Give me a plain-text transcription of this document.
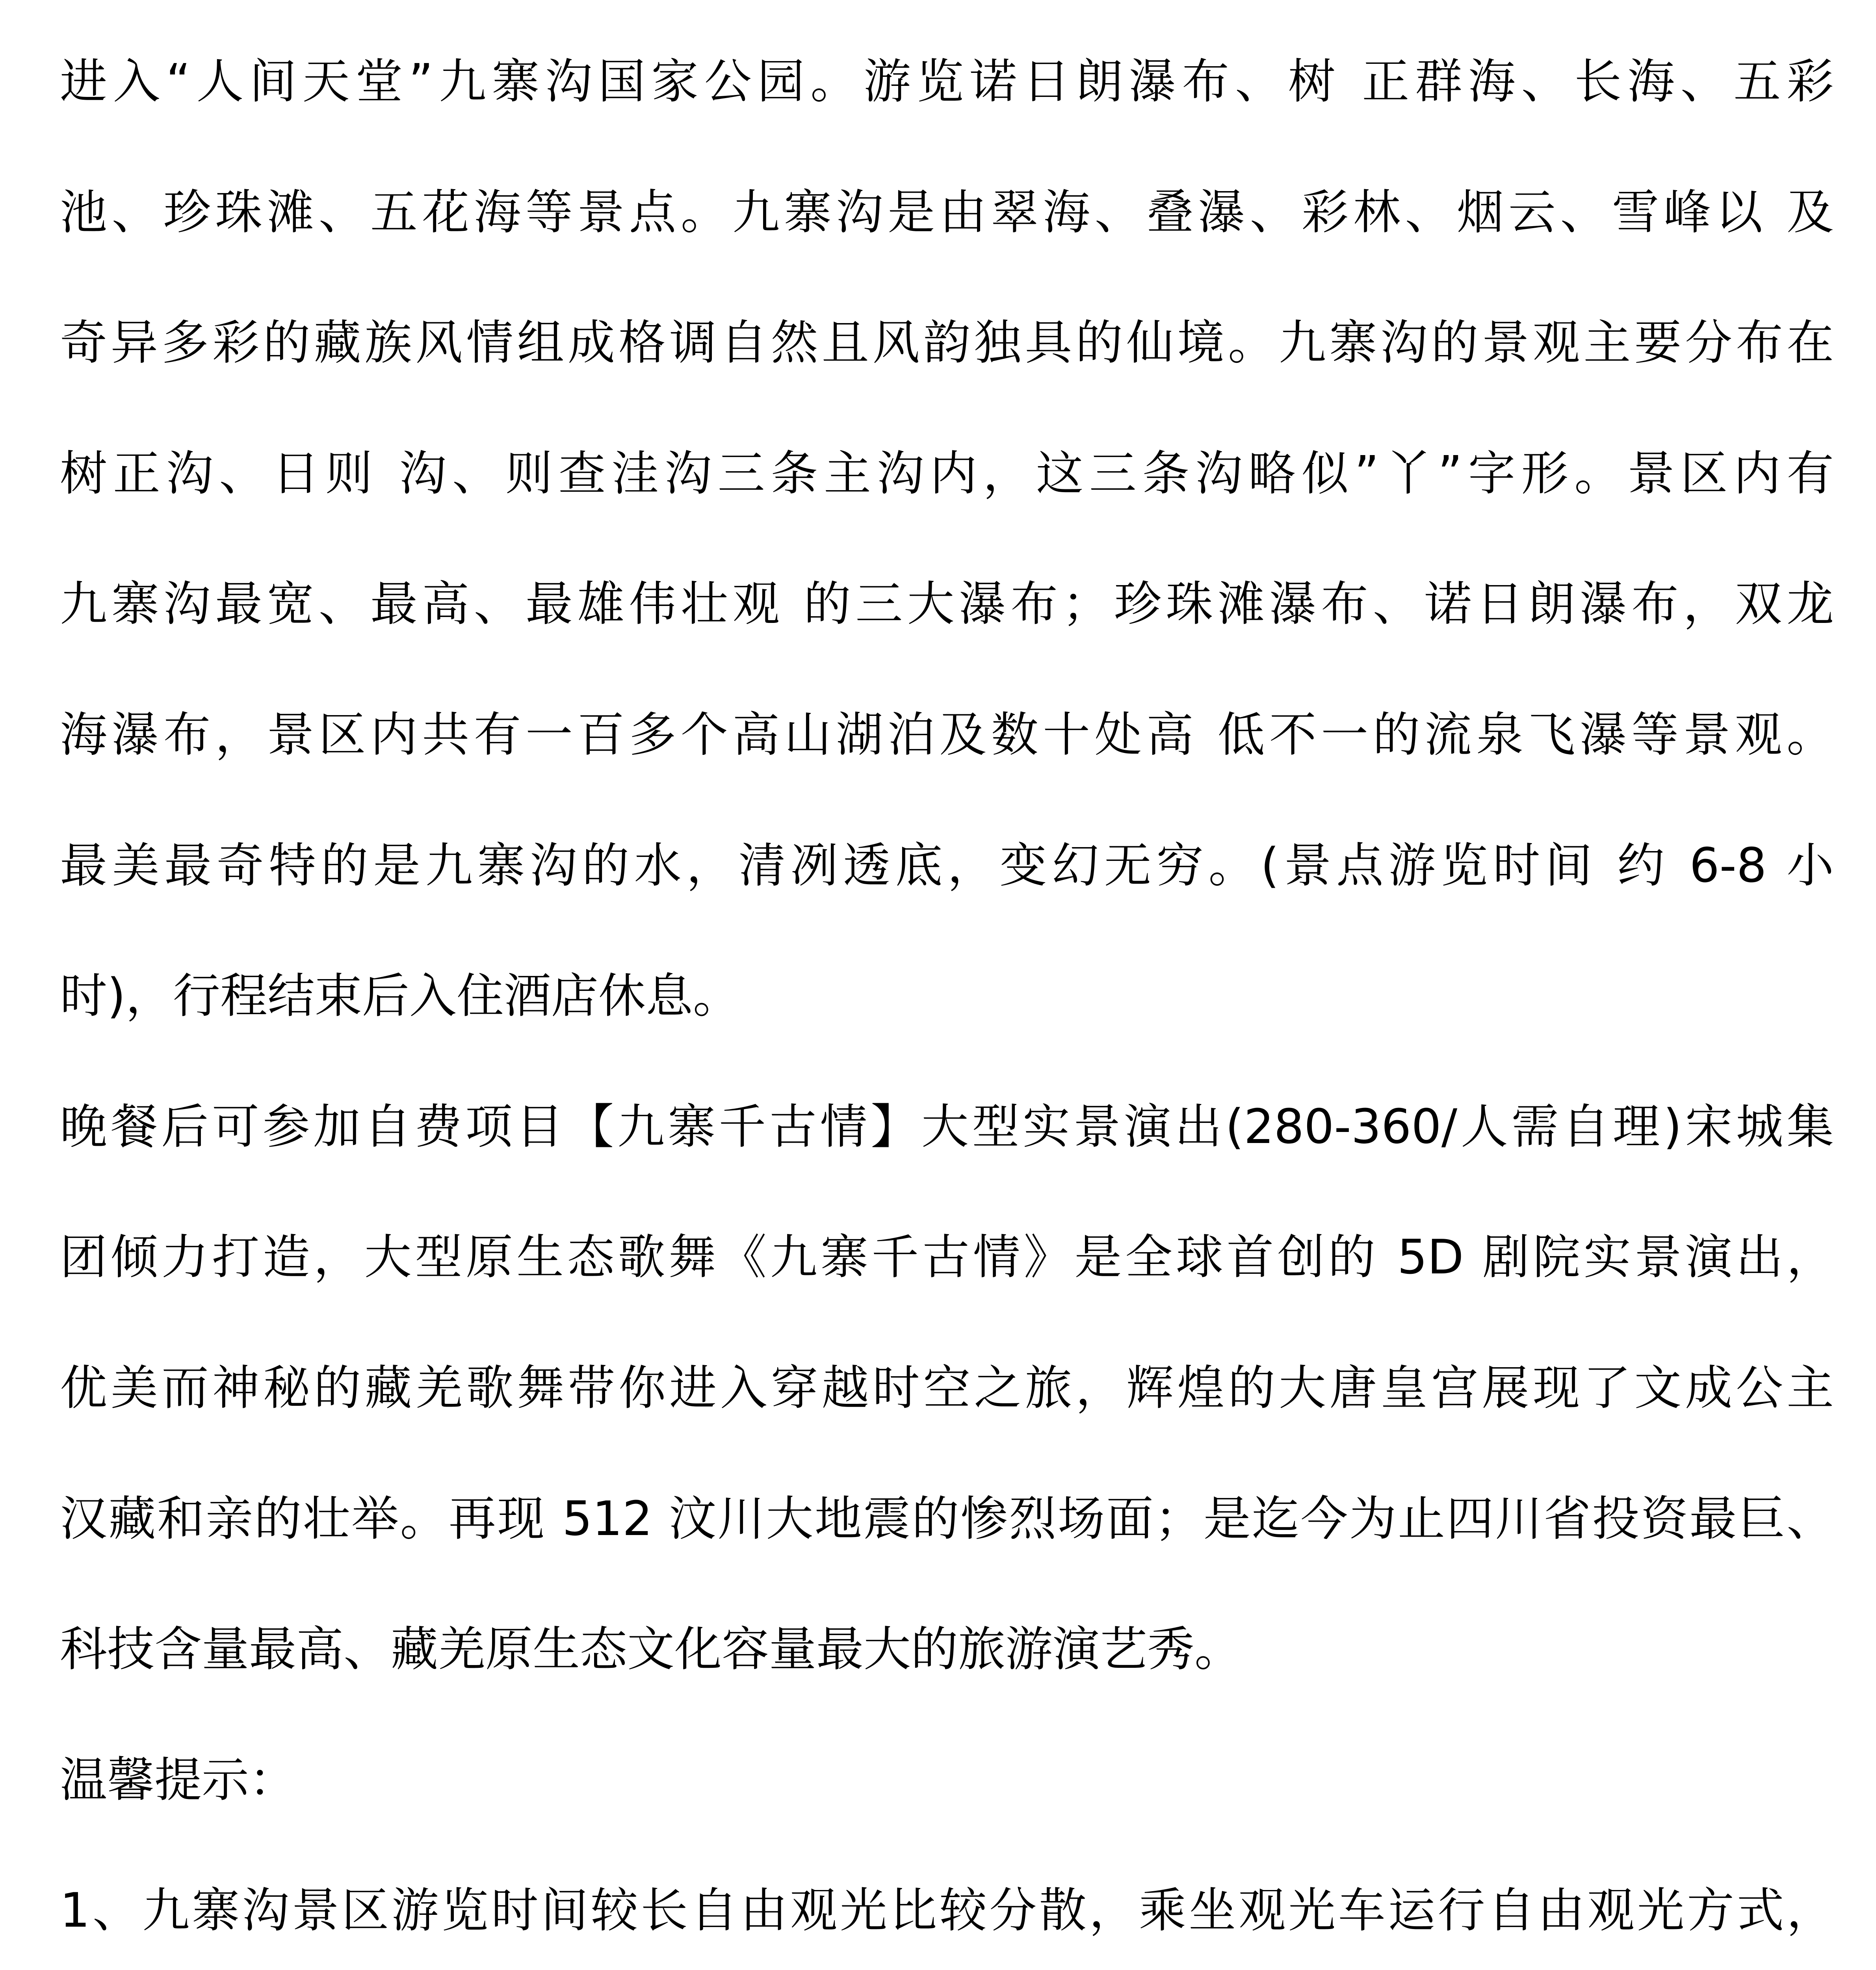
进入“人间天堂”九寨沟国家公园。游览诺日朗瀑布、树 正群海、长海、五彩
池、珍珠滩、五花海等景点。九寨沟是由翠海、叠瀑、彩林、烟云、雪峰以 及
奇异多彩的藏族风情组成格调自然且风韵独具的仙境。九寨沟的景观主要分布在
树正沟、日则 沟、则查洼沟三条主沟内，这三条沟略似”丫”字形。景区内有
九寨沟最宽、最高、最雄伟壮观 的三大瀑布；珍珠滩瀑布、诺日朗瀑布，双龙
海瀑布，景区内共有一百多个高山湖泊及数十处高 低不一的流泉飞瀑等景观。
最美最奇特的是九寨沟的水，清冽透底，变幻无穷。(景点游览时间 约 6-8 小
时)，行程结束后入住酒店休息。
晚餐后可参加自费项目【九寨千古情】大型实景演出(280-360/人需自理)宋城集
团倾力打造，大型原生态歌舞《九寨千古情》是全球首创的 5D 剧院实景演出，
优美而神秘的藏羌歌舞带你进入穿越时空之旅，辉煌的大唐皇宫展现了文成公主
汉藏和亲的壮举。再现 512 汶川大地震的惨烈场面；是迄今为止四川省投资最巨、
科技含量最高、藏羌原生态文化容量最大的旅游演艺秀。
温馨提示：
1、九寨沟景区游览时间较长自由观光比较分散，乘坐观光车运行自由观光方式，
